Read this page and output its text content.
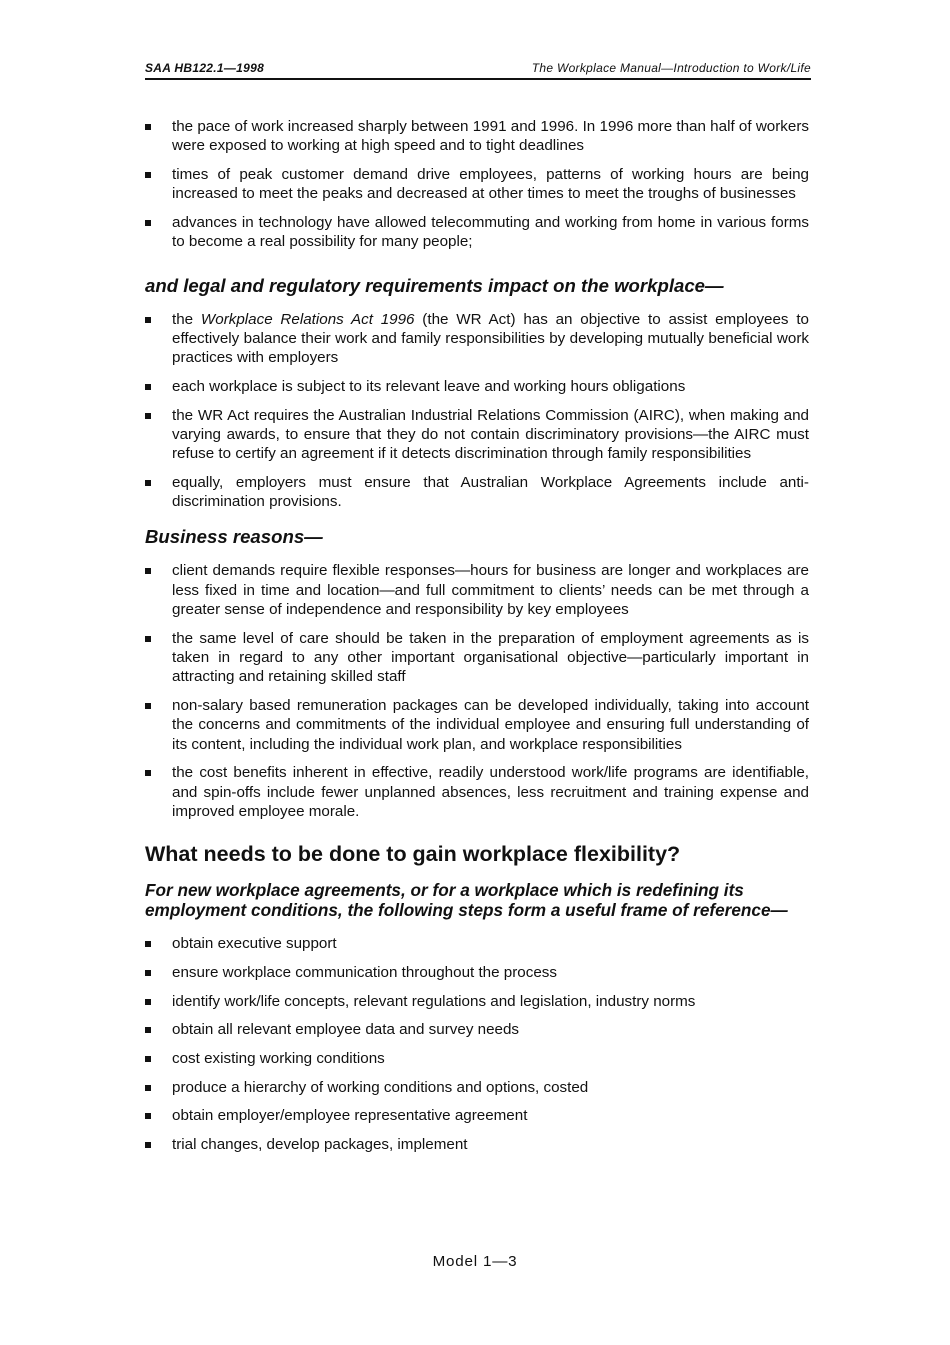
SAA HB122.1—1998	The Workplace Manual—Introduction to Work/Life
the pace of work increased sharply between 1991 and 1996. In 1996 more than half of workers were exposed to working at high speed and to tight deadlines
times of peak customer demand drive employees, patterns of working hours are being increased to meet the peaks and decreased at other times to meet the troughs of businesses
advances in technology have allowed telecommuting and working from home in various forms to become a real possibility for many people;
and legal and regulatory requirements impact on the workplace—
the Workplace Relations Act 1996 (the WR Act) has an objective to assist employees to effectively balance their work and family responsibilities by developing mutually beneficial work practices with employers
each workplace is subject to its relevant leave and working hours obligations
the WR Act requires the Australian Industrial Relations Commission (AIRC), when making and varying awards, to ensure that they do not contain discriminatory provisions—the AIRC must refuse to certify an agreement if it detects discrimination through family responsibilities
equally, employers must ensure that Australian Workplace Agreements include anti-discrimination provisions.
Business reasons—
client demands require flexible responses—hours for business are longer and workplaces are less fixed in time and location—and full commitment to clients’ needs can be met through a greater sense of independence and responsibility by key employees
the same level of care should be taken in the preparation of employment agreements as is taken in regard to any other important organisational objective—particularly important in attracting and retaining skilled staff
non-salary based remuneration packages can be developed individually, taking into account the concerns and commitments of the individual employee and ensuring full understanding of its content, including the individual work plan, and workplace responsibilities
the cost benefits inherent in effective, readily understood work/life programs are identifiable, and spin-offs include fewer unplanned absences, less recruitment and training expense and improved employee morale.
What needs to be done to gain workplace flexibility?
For new workplace agreements, or for a workplace which is redefining its
employment conditions, the following steps form a useful frame of reference—
obtain executive support
ensure workplace communication throughout the process
identify work/life concepts, relevant regulations and legislation, industry norms
obtain all relevant employee data and survey needs
cost existing working conditions
produce a hierarchy of working conditions and options, costed
obtain employer/employee representative agreement
trial changes, develop packages, implement
Model 1—3
